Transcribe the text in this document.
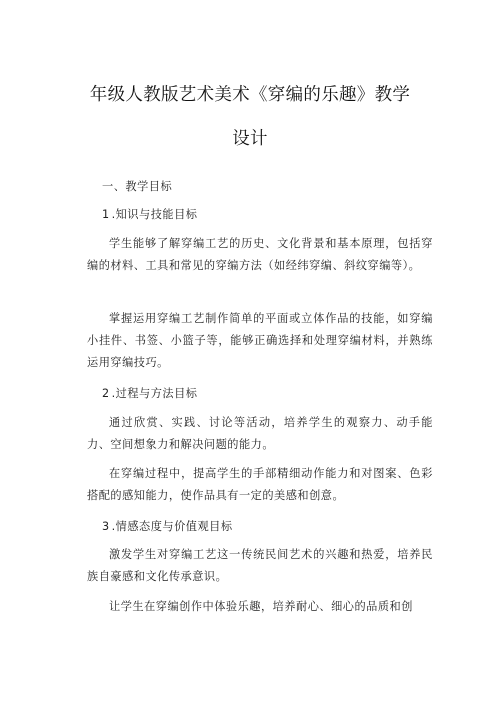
年级人教版艺术美术《穿编的乐趣》教学
设计
一、教学目标
1 .知识与技能目标
学生能够了解穿编工艺的历史、文化背景和基本原理，包括穿编的材料、工具和常见的穿编方法（如经纬穿编、斜纹穿编等）。
掌握运用穿编工艺制作简单的平面或立体作品的技能，如穿编小挂件、书签、小篮子等，能够正确选择和处理穿编材料，并熟练运用穿编技巧。
2 .过程与方法目标
通过欣赏、实践、讨论等活动，培养学生的观察力、动手能力、空间想象力和解决问题的能力。
在穿编过程中，提高学生的手部精细动作能力和对图案、色彩搭配的感知能力，使作品具有一定的美感和创意。
3 .情感态度与价值观目标
激发学生对穿编工艺这一传统民间艺术的兴趣和热爱，培养民族自豪感和文化传承意识。
让学生在穿编创作中体验乐趣，培养耐心、细心的品质和创
